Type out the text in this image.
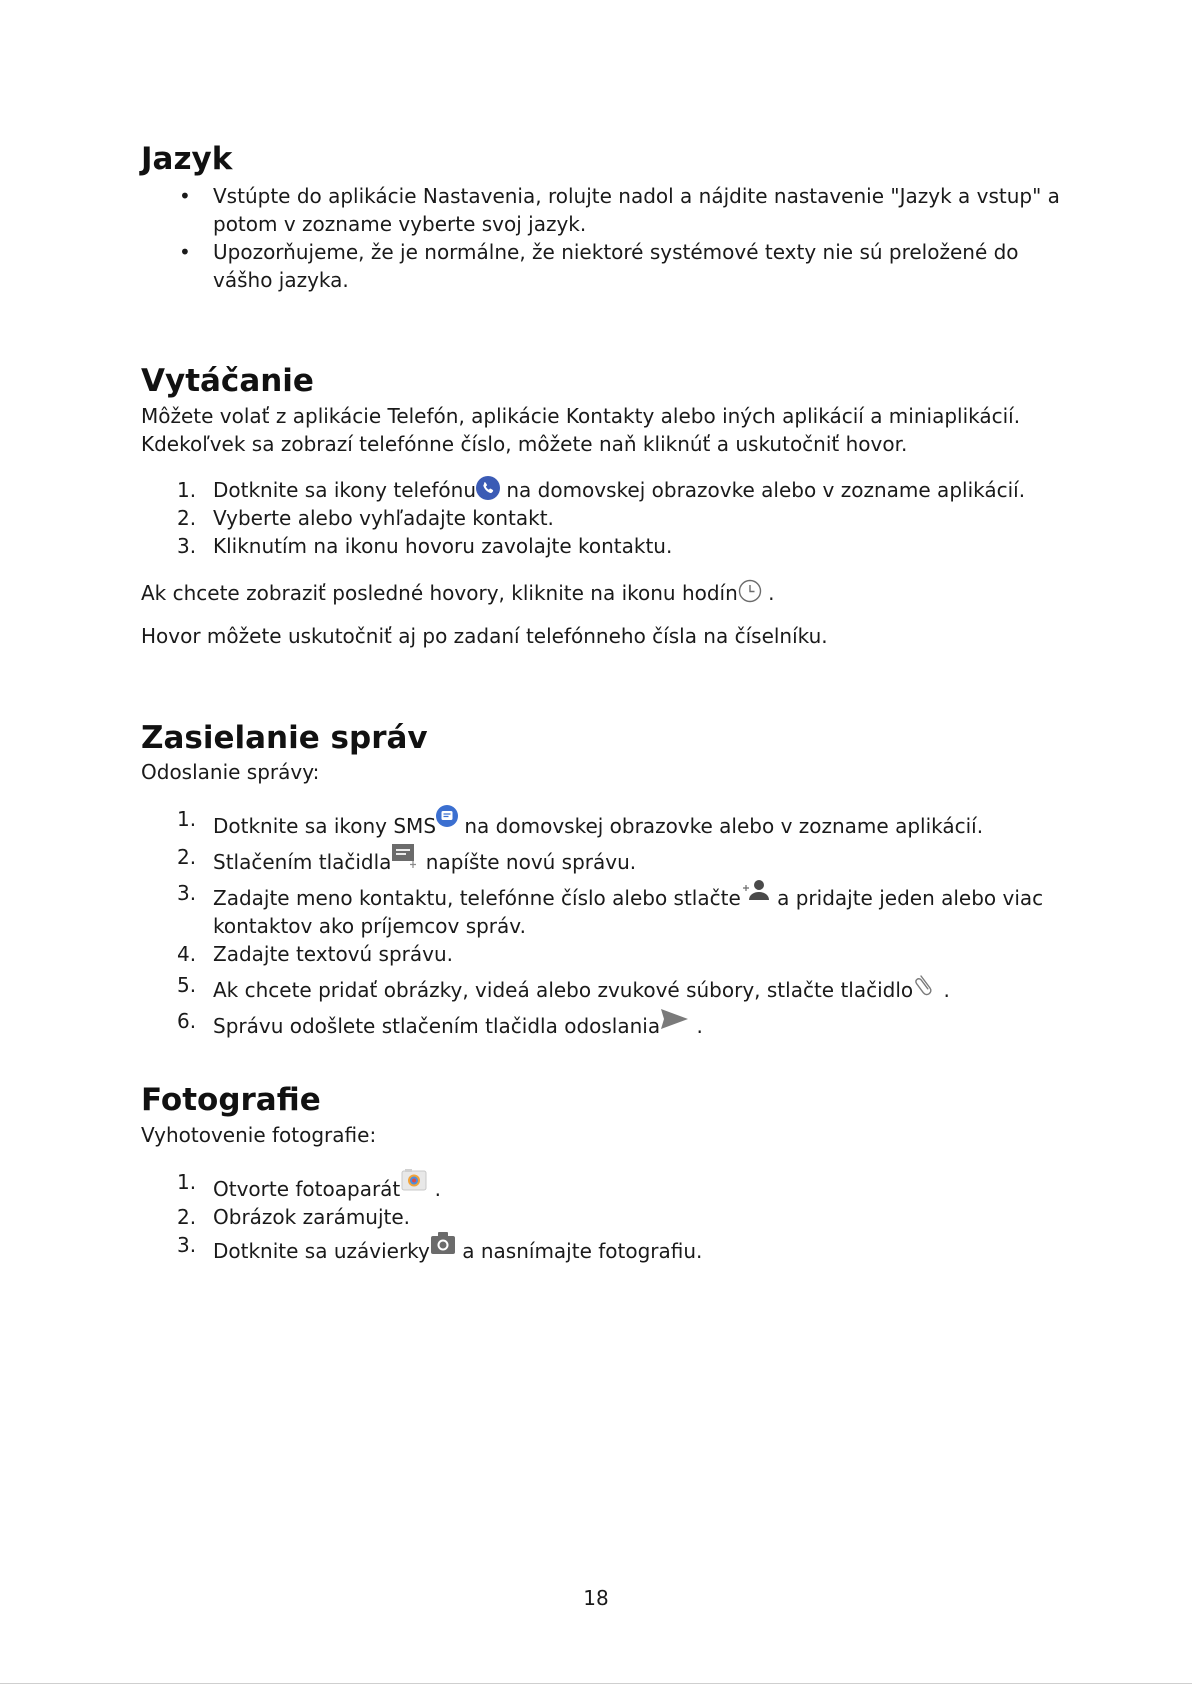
Jazyk
•	Vstúpte do aplikácie Nastavenia, rolujte nadol a nájdite nastavenie "Jazyk a vstup" a potom v zozname vyberte svoj jazyk.
•	Upozorňujeme, že je normálne, že niektoré systémové texty nie sú preložené do vášho jazyka.
Vytáčanie

Môžete volať z aplikácie Telefón, aplikácie Kontakty alebo iných aplikácií a miniaplikácií. Kdekoľvek sa zobrazí telefónne číslo, môžete naň kliknúť a uskutočniť hovor.

1. Dotknite sa ikony telefónu na domovskej obrazovke alebo v zozname aplikácií.
2. Vyberte alebo vyhľadajte kontakt.
3. Kliknutím na ikonu hovoru zavolajte kontaktu.

Ak chcete zobraziť posledné hovory, kliknite na ikonu hodín .

Hovor môžete uskutočniť aj po zadaní telefónneho čísla na číselníku.

Zasielanie správ

Odoslanie správy:

1. Dotknite sa ikony SMS na domovskej obrazovke alebo v zozname aplikácií.
2. Stlačením tlačidla napíšte novú správu.
3. Zadajte meno kontaktu, telefónne číslo alebo stlačte a pridajte jeden alebo viac kontaktov ako príjemcov správ.
4. Zadajte textovú správu.
5. Ak chcete pridať obrázky, videá alebo zvukové súbory, stlačte tlačidlo .
6. Správu odošlete stlačením tlačidla odoslania .
Fotografie

Vyhotovenie fotografie:

1. Otvorte fotoaparát .
2. Obrázok zarámujte.
3. Dotknite sa uzávierky a nasnímajte fotografiu.
18
